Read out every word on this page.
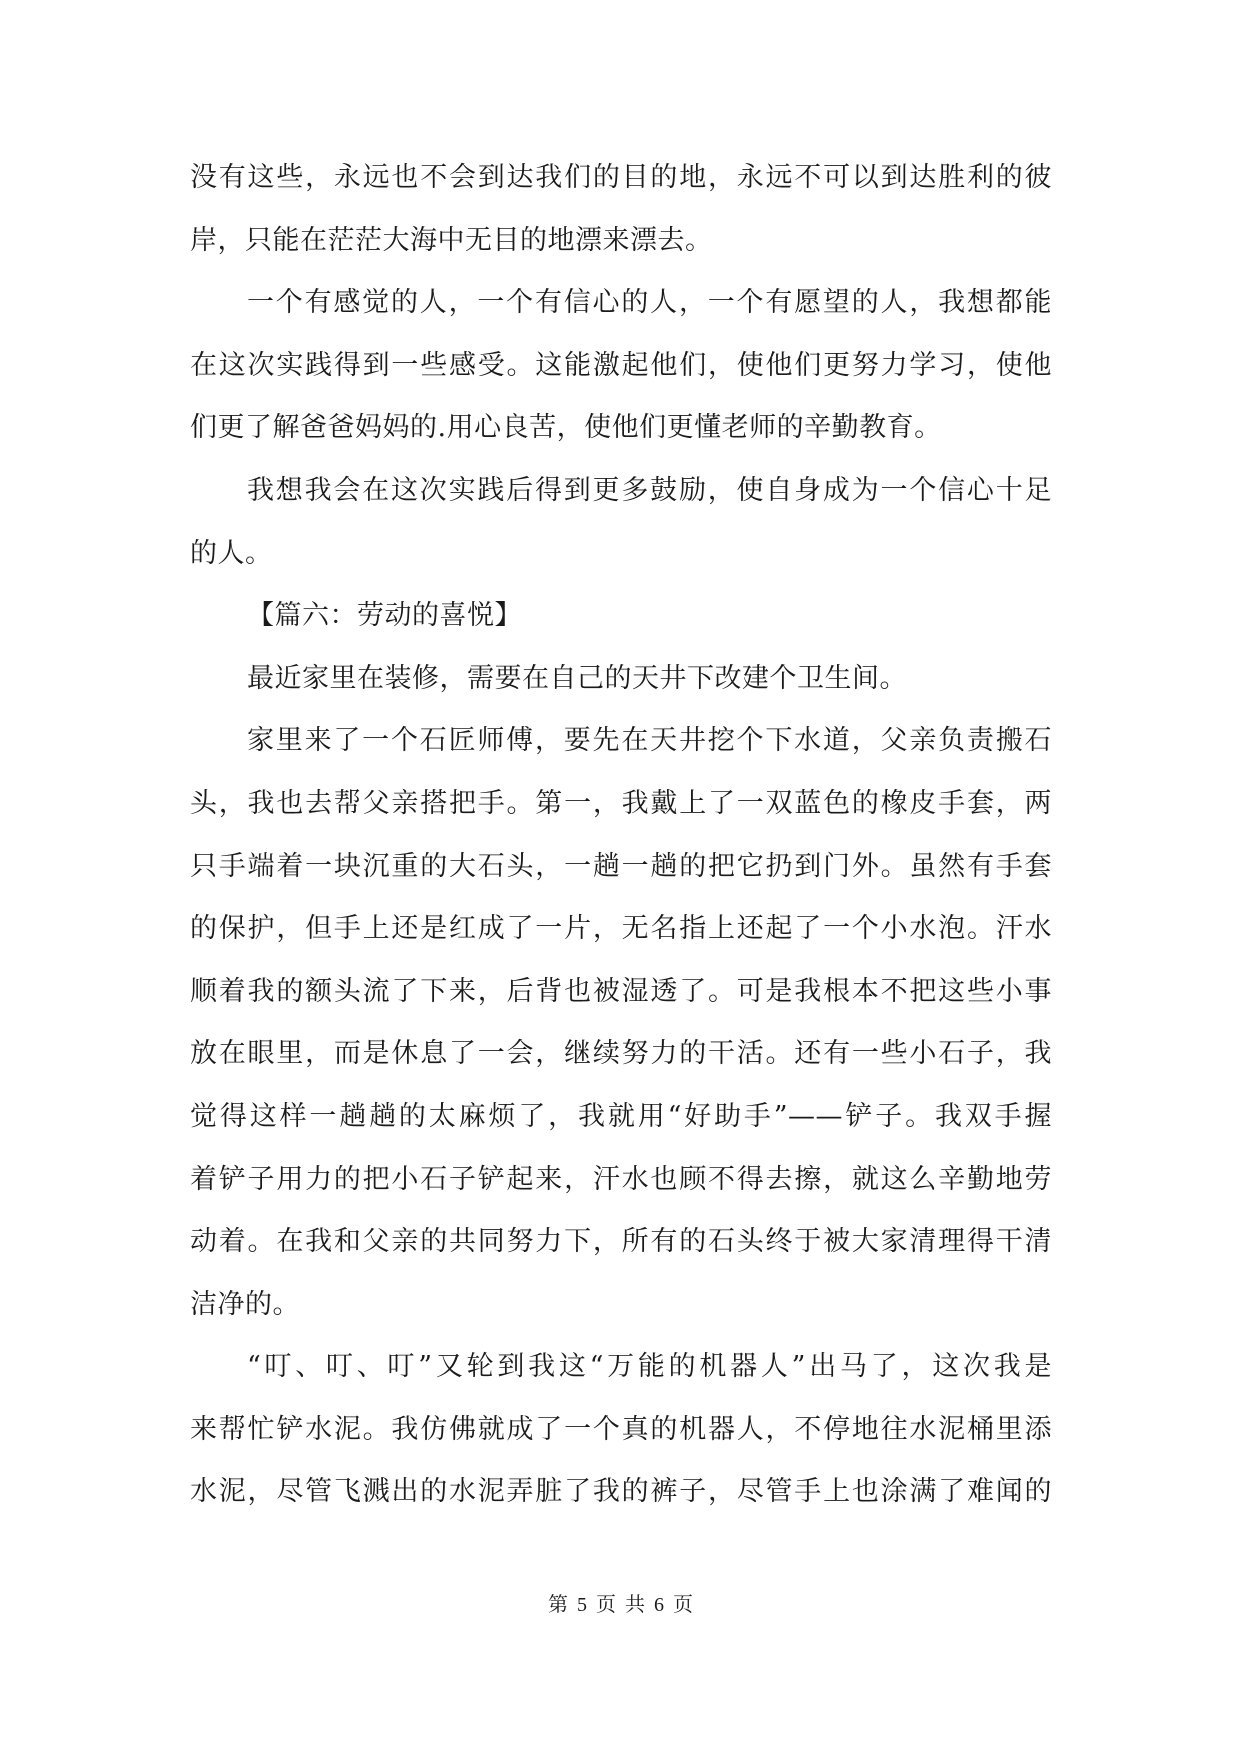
没有这些，永远也不会到达我们的目的地，永远不可以到达胜利的彼
岸，只能在茫茫大海中无目的地漂来漂去。
一个有感觉的人，一个有信心的人，一个有愿望的人，我想都能
在这次实践得到一些感受。这能激起他们，使他们更努力学习，使他
们更了解爸爸妈妈的.用心良苦，使他们更懂老师的辛勤教育。
我想我会在这次实践后得到更多鼓励，使自身成为一个信心十足
的人。
【篇六：劳动的喜悦】
最近家里在装修，需要在自己的天井下改建个卫生间。
家里来了一个石匠师傅，要先在天井挖个下水道，父亲负责搬石
头，我也去帮父亲搭把手。第一，我戴上了一双蓝色的橡皮手套，两
只手端着一块沉重的大石头，一趟一趟的把它扔到门外。虽然有手套
的保护，但手上还是红成了一片，无名指上还起了一个小水泡。汗水
顺着我的额头流了下来，后背也被湿透了。可是我根本不把这些小事
放在眼里，而是休息了一会，继续努力的干活。还有一些小石子，我
觉得这样一趟趟的太麻烦了，我就用“好助手”——铲子。我双手握
着铲子用力的把小石子铲起来，汗水也顾不得去擦，就这么辛勤地劳
动着。在我和父亲的共同努力下，所有的石头终于被大家清理得干清
洁净的。
“叮、叮、叮”又轮到我这“万能的机器人”出马了，这次我是
来帮忙铲水泥。我仿佛就成了一个真的机器人，不停地往水泥桶里添
水泥，尽管飞溅出的水泥弄脏了我的裤子，尽管手上也涂满了难闻的
第 5 页 共 6 页
